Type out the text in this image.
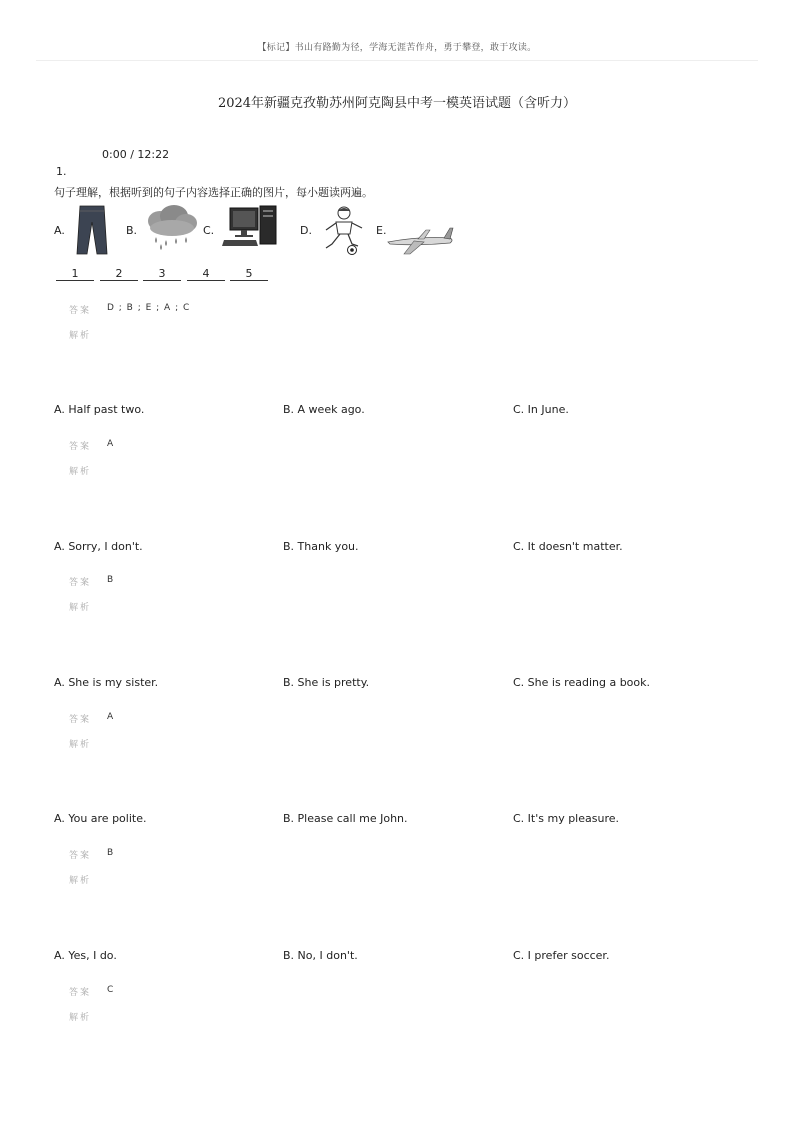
【标记】书山有路勤为径，学海无涯苦作舟，勇于攀登，敢于攻读。
2024年新疆克孜勒苏州阿克陶县中考一模英语试题（含听力）
0:00 / 12:22
1.
句子理解，根据听到的句子内容选择正确的图片，每小题读两遍。
A.	B.	C.	D.	E.
1	2	3	4	5
答案 D ; B ; E ; A ; C
解析
A. Half past two.	B. A week ago.	C. In June.
答案 A
解析
A. Sorry, I don't.	B. Thank you.	C. It doesn't matter.
答案 B
解析
A. She is my sister.	B. She is pretty.	C. She is reading a book.
答案 A
解析
A. You are polite.	B. Please call me John.	C. It's my pleasure.
答案 B
解析
A. Yes, I do.	B. No, I don't.	C. I prefer soccer.
答案 C
解析
